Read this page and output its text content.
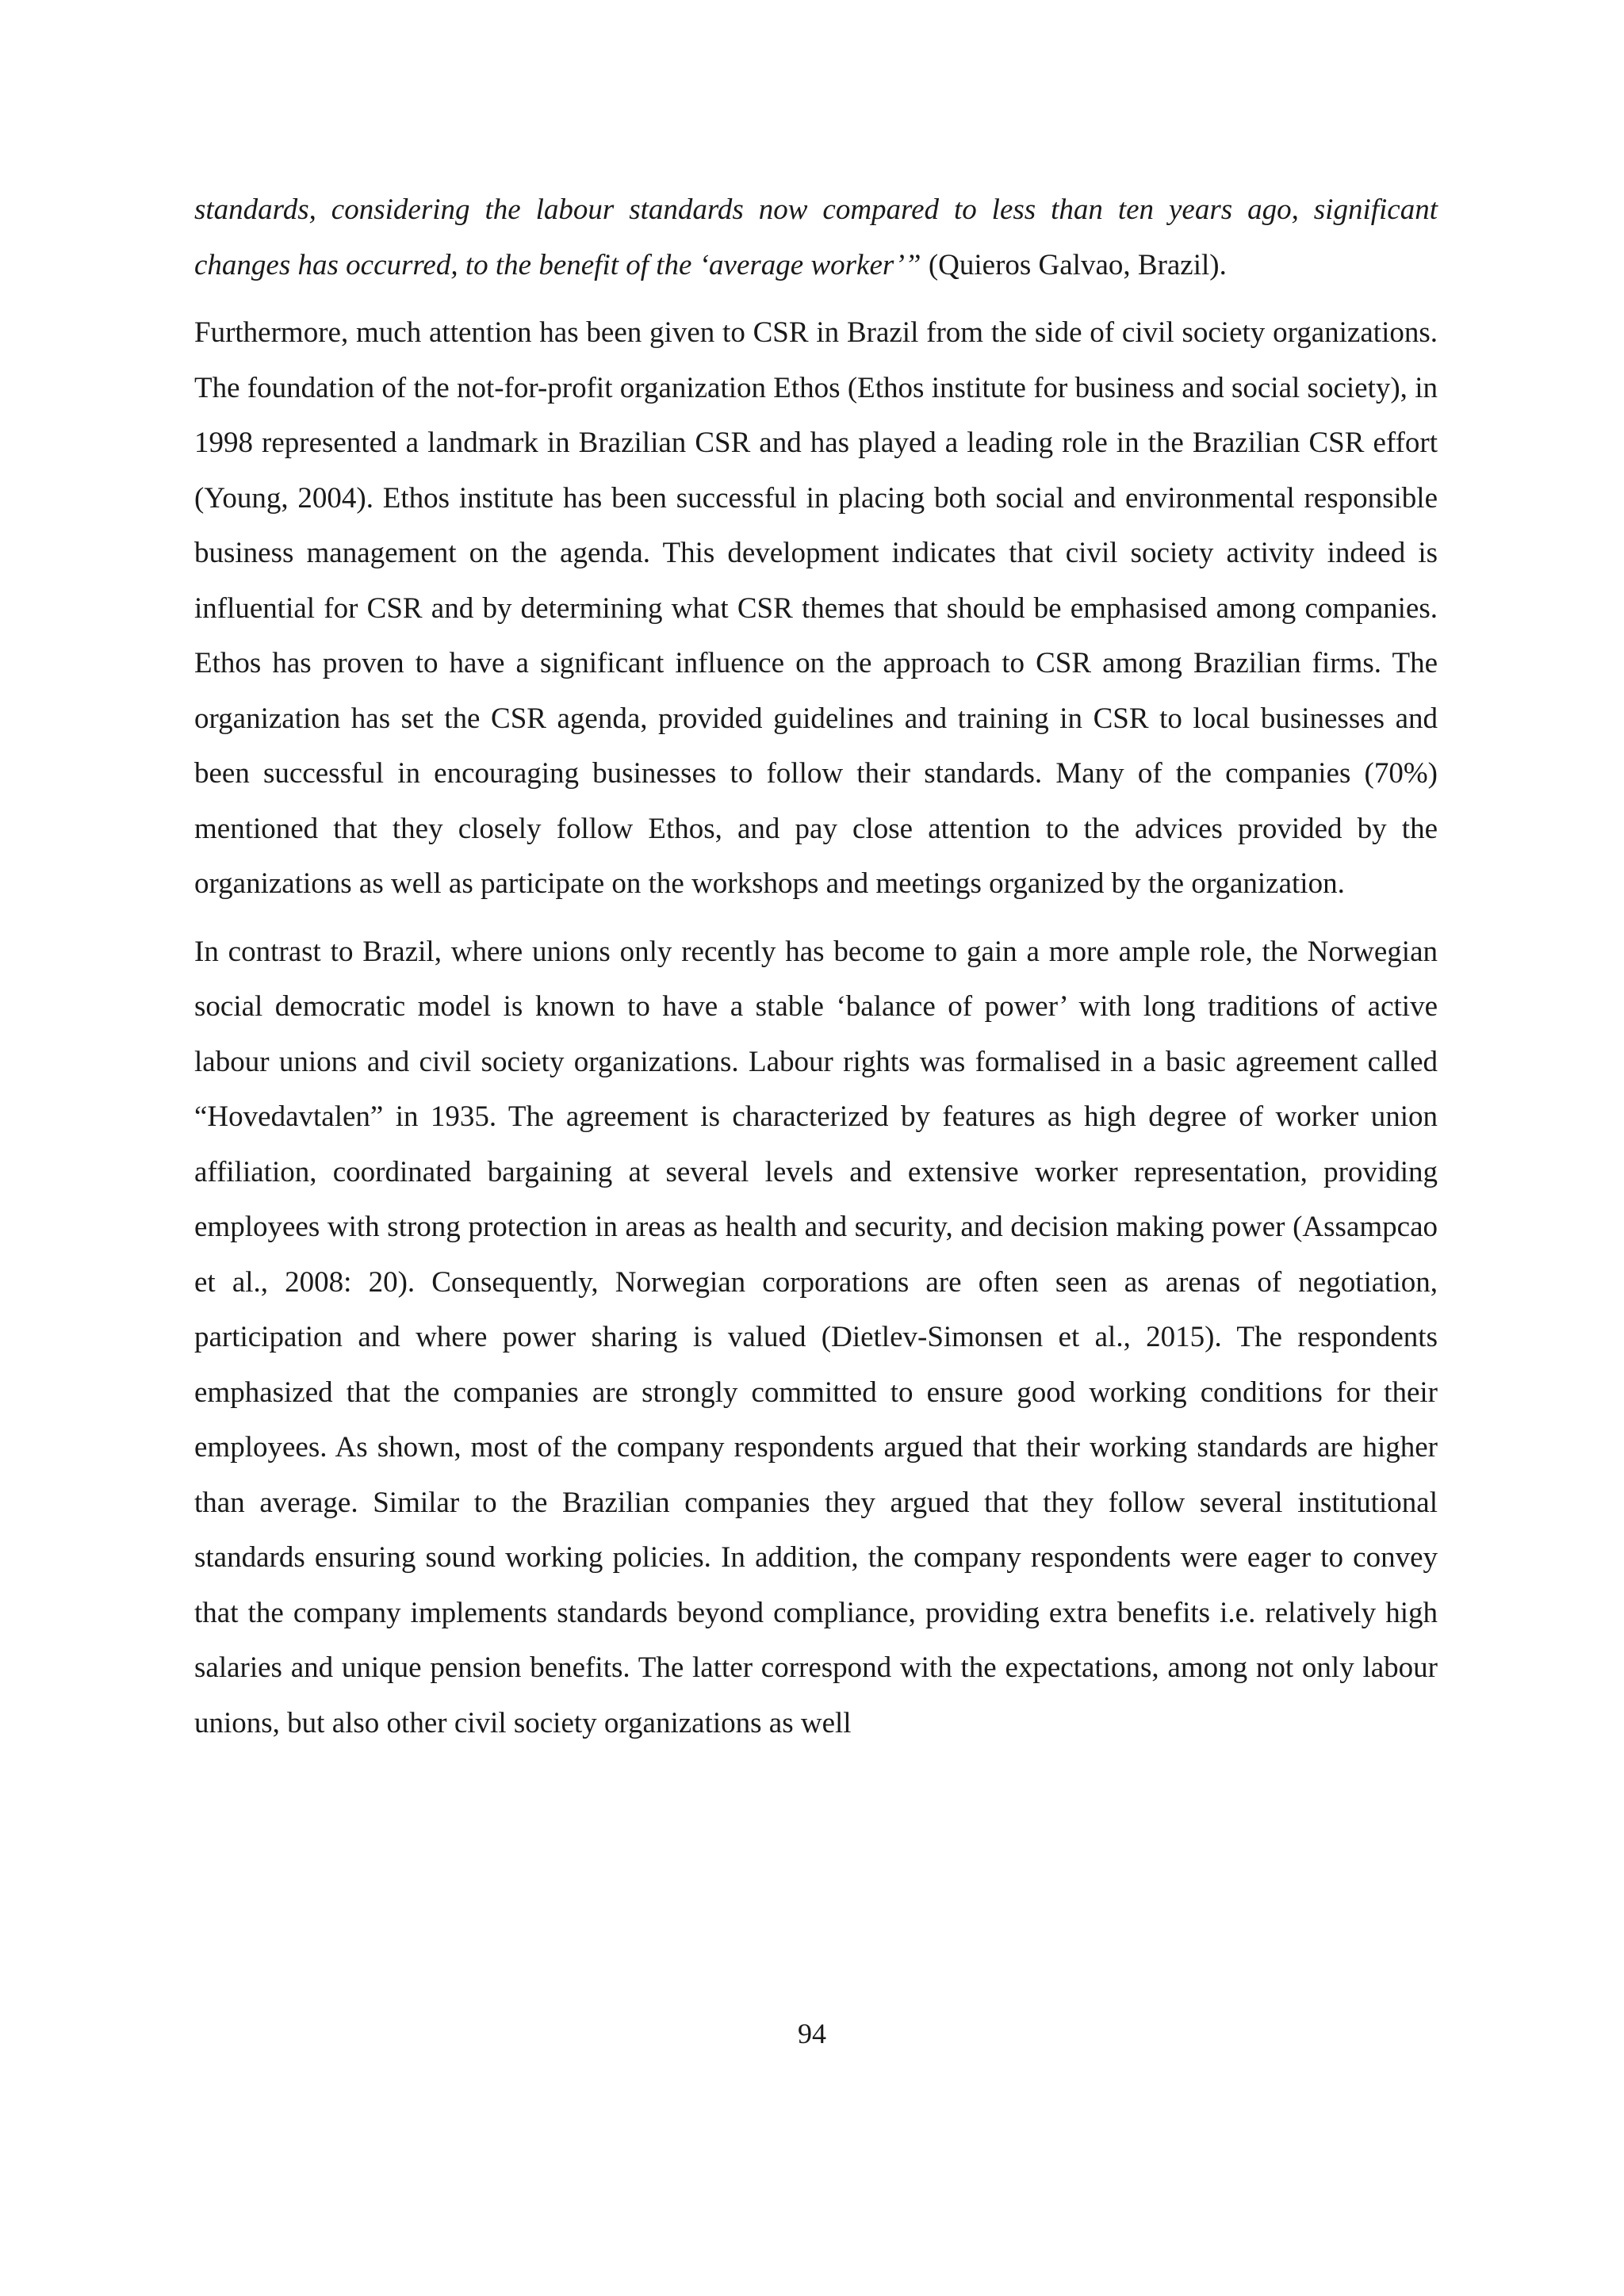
standards, considering the labour standards now compared to less than ten years ago, significant changes has occurred, to the benefit of the ‘average worker’” (Quieros Galvao, Brazil).

Furthermore, much attention has been given to CSR in Brazil from the side of civil society organizations. The foundation of the not-for-profit organization Ethos (Ethos institute for business and social society), in 1998 represented a landmark in Brazilian CSR and has played a leading role in the Brazilian CSR effort (Young, 2004). Ethos institute has been successful in placing both social and environmental responsible business management on the agenda. This development indicates that civil society activity indeed is influential for CSR and by determining what CSR themes that should be emphasised among companies. Ethos has proven to have a significant influence on the approach to CSR among Brazilian firms. The organization has set the CSR agenda, provided guidelines and training in CSR to local businesses and been successful in encouraging businesses to follow their standards. Many of the companies (70%) mentioned that they closely follow Ethos, and pay close attention to the advices provided by the organizations as well as participate on the workshops and meetings organized by the organization.

In contrast to Brazil, where unions only recently has become to gain a more ample role, the Norwegian social democratic model is known to have a stable ‘balance of power’ with long traditions of active labour unions and civil society organizations. Labour rights was formalised in a basic agreement called “Hovedavtalen” in 1935. The agreement is characterized by features as high degree of worker union affiliation, coordinated bargaining at several levels and extensive worker representation, providing employees with strong protection in areas as health and security, and decision making power (Assampcao et al., 2008: 20). Consequently, Norwegian corporations are often seen as arenas of negotiation, participation and where power sharing is valued (Dietlev-Simonsen et al., 2015). The respondents emphasized that the companies are strongly committed to ensure good working conditions for their employees. As shown, most of the company respondents argued that their working standards are higher than average. Similar to the Brazilian companies they argued that they follow several institutional standards ensuring sound working policies. In addition, the company respondents were eager to convey that the company implements standards beyond compliance, providing extra benefits i.e. relatively high salaries and unique pension benefits. The latter correspond with the expectations, among not only labour unions, but also other civil society organizations as well

94
